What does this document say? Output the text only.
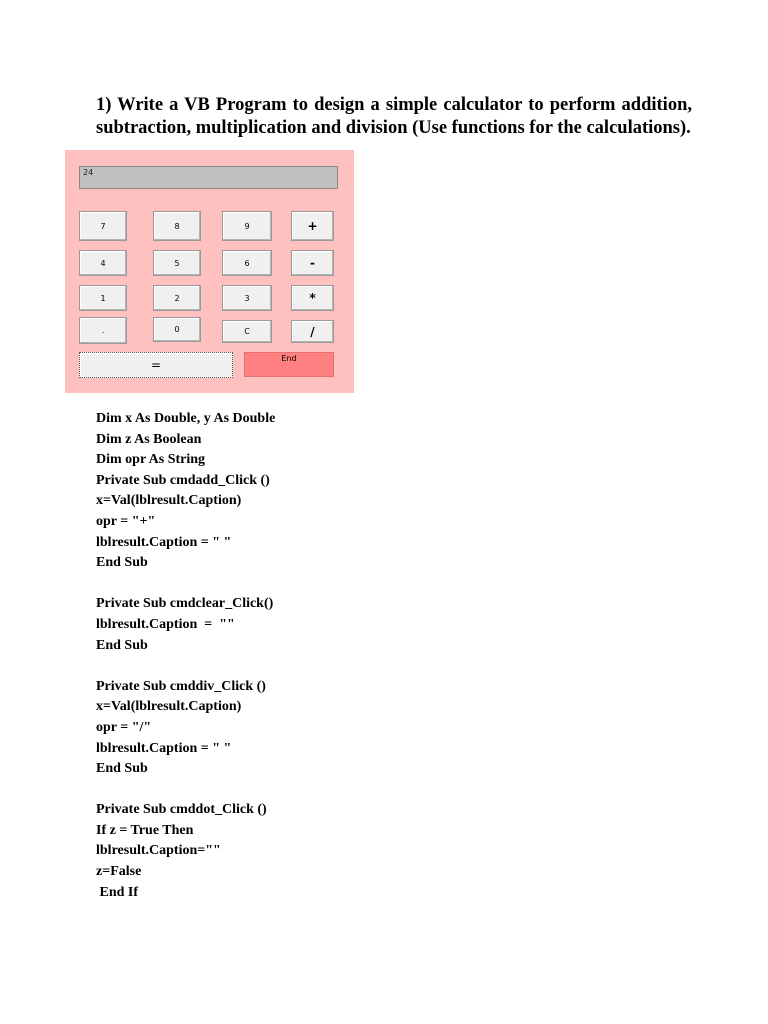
1) Write a VB Program to design a simple calculator to perform addition, subtraction, multiplication and division (Use functions for the calculations).

24
7	8	9	+
4	5	6	-
1	2	3	*
.	0	C	/
=	End
Dim x As Double, y As Double
Dim z As Boolean
Dim opr As String
Private Sub cmdadd_Click ()
x=Val(lblresult.Caption)
opr = "+"
lblresult.Caption = " "
End Sub
Private Sub cmdclear_Click()
lblresult.Caption  =  ""
End Sub
Private Sub cmddiv_Click ()
x=Val(lblresult.Caption)
opr = "/"
lblresult.Caption = " "
End Sub
Private Sub cmddot_Click ()
If z = True Then
lblresult.Caption=""
z=False
End If
